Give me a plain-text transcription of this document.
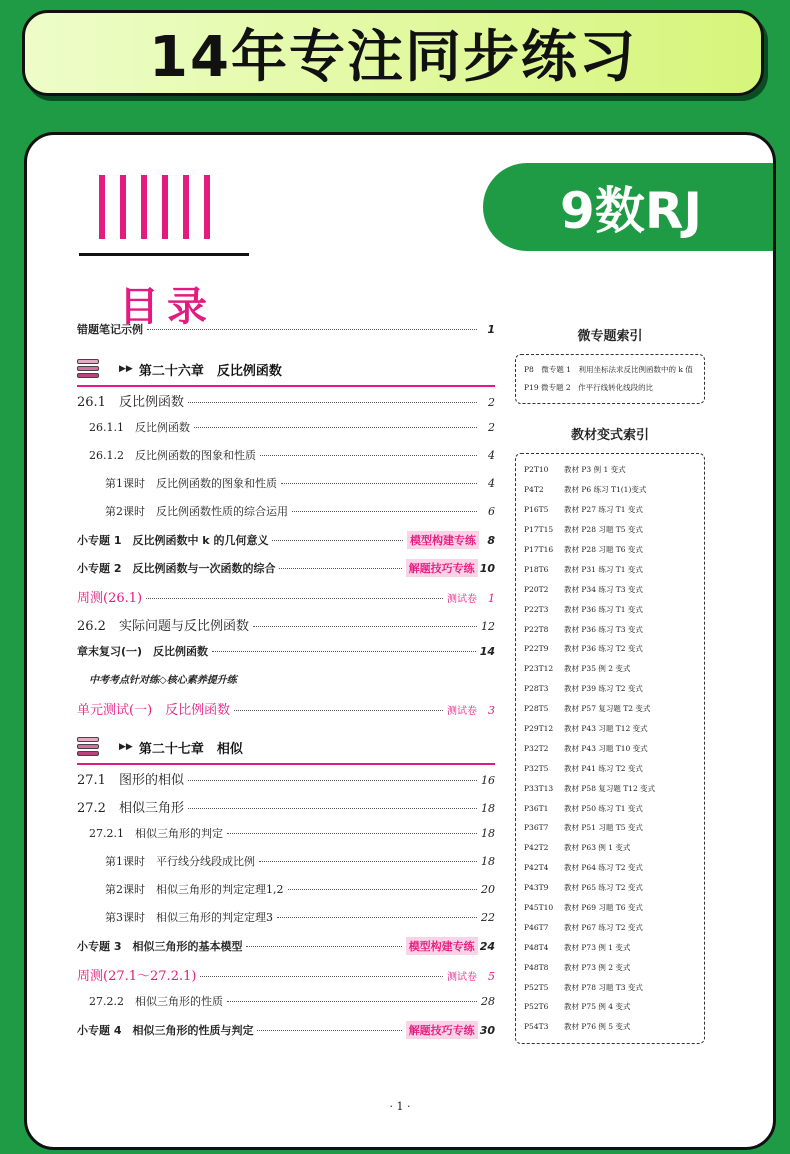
14年专注同步练习
9数RJ
目录
错题笔记示例	1
▶▶ 第二十六章　反比例函数
26.1　反比例函数	2
26.1.1　反比例函数	2
26.1.2　反比例函数的图象和性质	4
第1课时　反比例函数的图象和性质	4
第2课时　反比例函数性质的综合运用	6
小专题 1　反比例函数中 k 的几何意义	模型构建专练	8
小专题 2　反比例函数与一次函数的综合	解题技巧专练 10
周测(26.1)	测试卷	1
26.2　实际问题与反比例函数	12
章末复习(一)　反比例函数	14
中考考点针对练◇核心素养提升练
单元测试(一)　反比例函数	测试卷	3
▶▶ 第二十七章　相似
27.1　图形的相似	16
27.2　相似三角形	18
27.2.1　相似三角形的判定	18
第1课时　平行线分线段成比例	18
第2课时　相似三角形的判定定理1,2	20
第3课时　相似三角形的判定定理3	22
小专题 3　相似三角形的基本模型	模型构建专练 24
周测(27.1～27.2.1)	测试卷	5
27.2.2　相似三角形的性质	28
小专题 4　相似三角形的性质与判定	解题技巧专练 30
微专题索引
P8　微专题 1　利用坐标法求反比例函数中的 k 值
P19 微专题 2　作平行线转化线段的比
教材变式索引
P2T10	教材 P3 例 1 变式
P4T2	教材 P6 练习 T1(1)变式
P16T5	教材 P27 练习 T1 变式
P17T15	教材 P28 习题 T5 变式
P17T16	教材 P28 习题 T6 变式
P18T6	教材 P31 练习 T1 变式
P20T2	教材 P34 练习 T3 变式
P22T3	教材 P36 练习 T1 变式
P22T8	教材 P36 练习 T3 变式
P22T9	教材 P36 练习 T2 变式
P23T12	教材 P35 例 2 变式
P28T3	教材 P39 练习 T2 变式
P28T5	教材 P57 复习题 T2 变式
P29T12	教材 P43 习题 T12 变式
P32T2	教材 P43 习题 T10 变式
P32T5	教材 P41 练习 T2 变式
P33T13	教材 P58 复习题 T12 变式
P36T1	教材 P50 练习 T1 变式
P36T7	教材 P51 习题 T5 变式
P42T2	教材 P63 例 1 变式
P42T4	教材 P64 练习 T2 变式
P43T9	教材 P65 练习 T2 变式
P45T10	教材 P69 习题 T6 变式
P46T7	教材 P67 练习 T2 变式
P48T4	教材 P73 例 1 变式
P48T8	教材 P73 例 2 变式
P52T5	教材 P78 习题 T3 变式
P52T6	教材 P75 例 4 变式
P54T3	教材 P76 例 5 变式
· 1 ·
